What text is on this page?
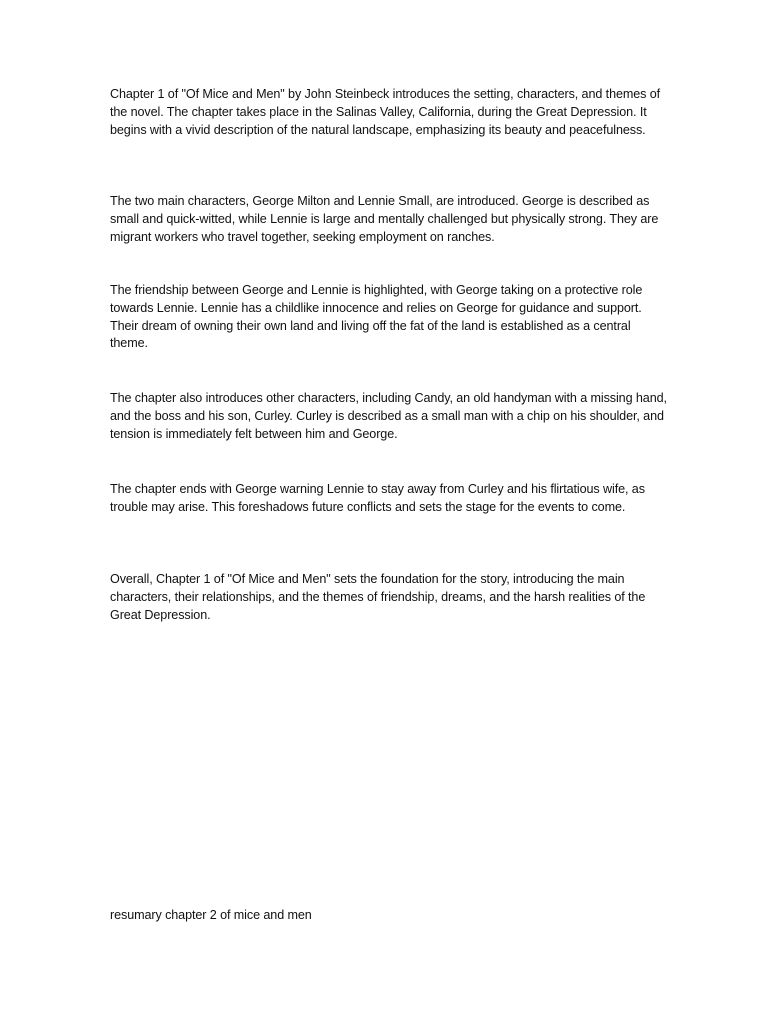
Chapter 1 of "Of Mice and Men" by John Steinbeck introduces the setting, characters, and themes of the novel. The chapter takes place in the Salinas Valley, California, during the Great Depression. It begins with a vivid description of the natural landscape, emphasizing its beauty and peacefulness.

The two main characters, George Milton and Lennie Small, are introduced. George is described as small and quick-witted, while Lennie is large and mentally challenged but physically strong. They are migrant workers who travel together, seeking employment on ranches.

The friendship between George and Lennie is highlighted, with George taking on a protective role towards Lennie. Lennie has a childlike innocence and relies on George for guidance and support. Their dream of owning their own land and living off the fat of the land is established as a central theme.

The chapter also introduces other characters, including Candy, an old handyman with a missing hand, and the boss and his son, Curley. Curley is described as a small man with a chip on his shoulder, and tension is immediately felt between him and George.

The chapter ends with George warning Lennie to stay away from Curley and his flirtatious wife, as trouble may arise. This foreshadows future conflicts and sets the stage for the events to come.

Overall, Chapter 1 of "Of Mice and Men" sets the foundation for the story, introducing the main characters, their relationships, and the themes of friendship, dreams, and the harsh realities of the Great Depression.

resumary chapter 2 of mice and men
